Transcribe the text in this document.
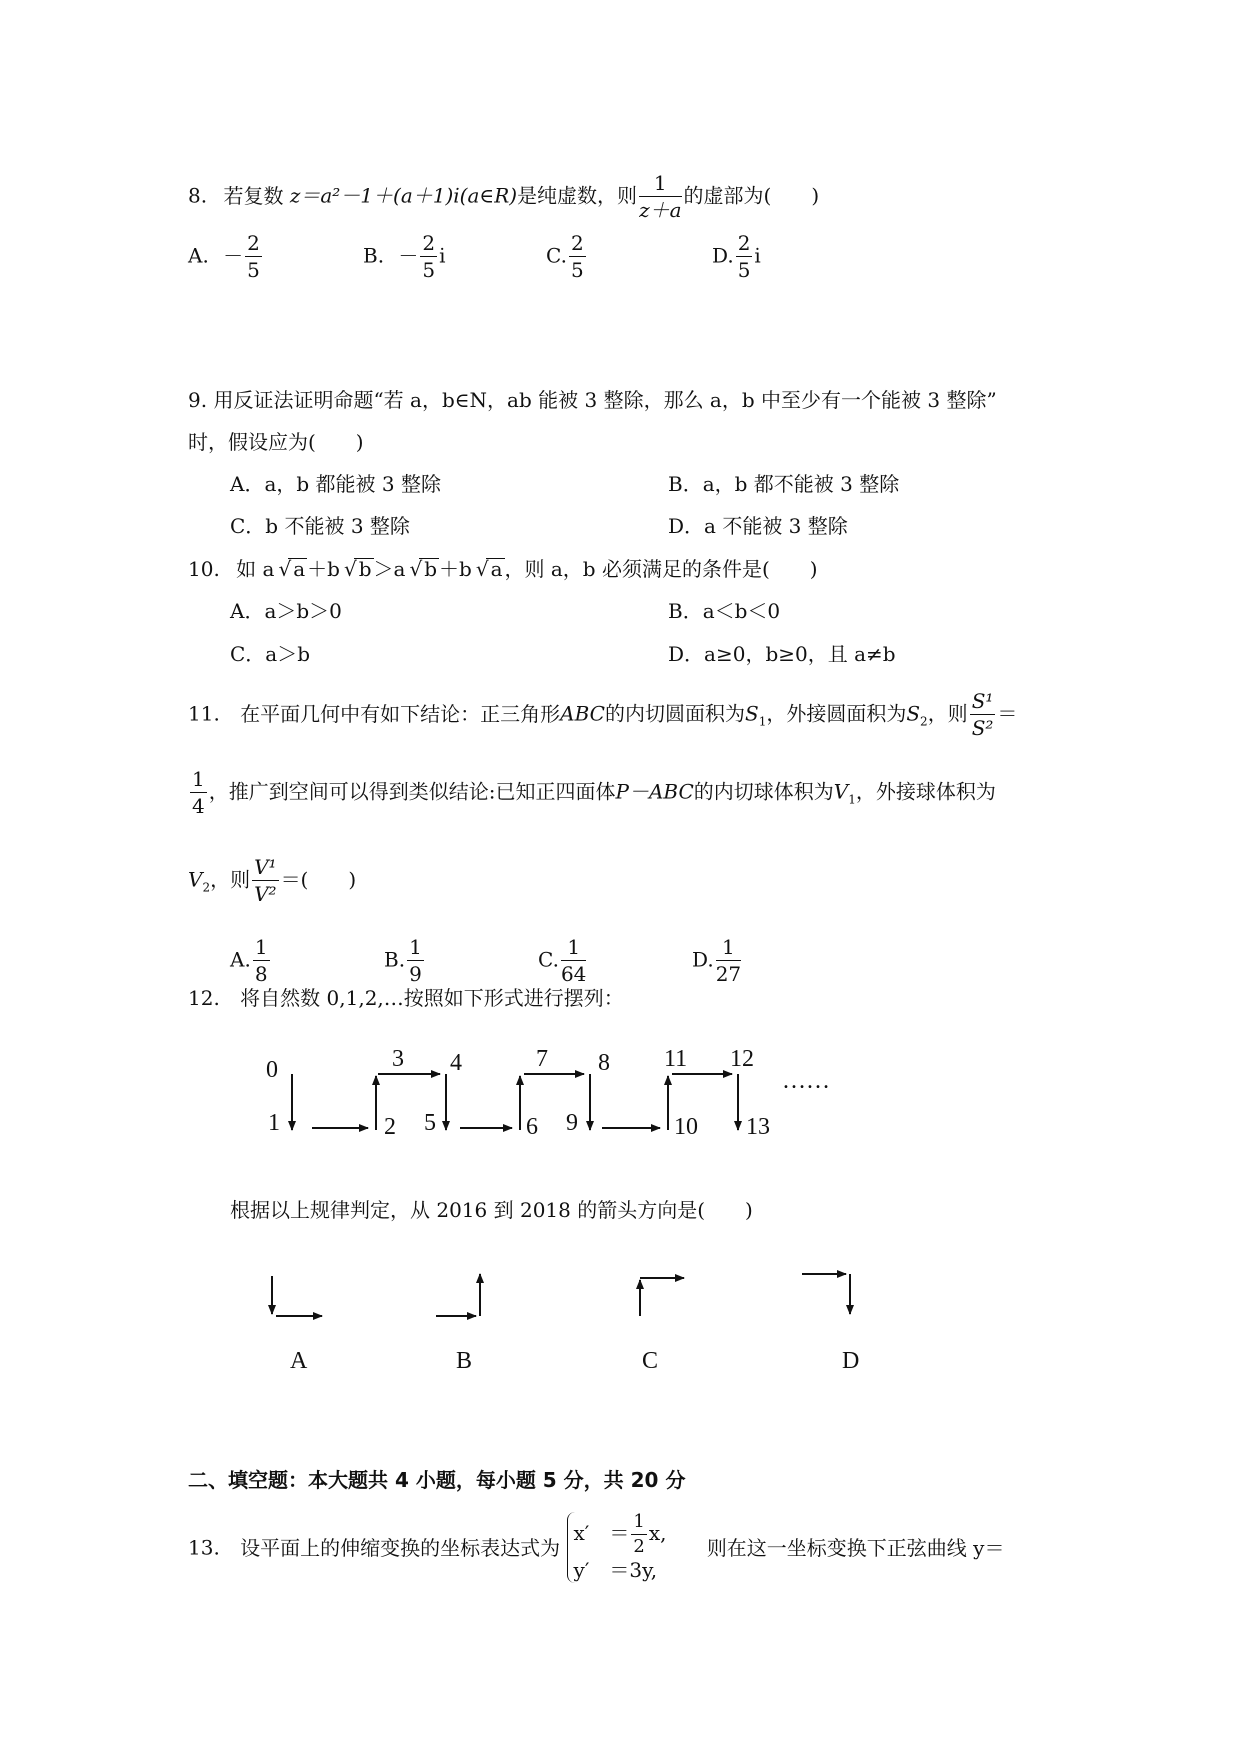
8. 若复数 z＝a²－1＋(a＋1)i(a∈R)是纯虚数，则 $\frac{1}{z+a}$ 的虚部为(　　)
A. － $\frac{2}{5}$	B. － $\frac{2}{5}$ i	C. $\frac{2}{5}$	D. $\frac{2}{5}$ i
9. 用反证法证明命题“若 a，b∈N，ab 能被 3 整除，那么 a，b 中至少有一个能被 3 整除”
时，假设应为(　　)
A．a，b 都能被 3 整除	B．a，b 都不能被 3 整除
C．b 不能被 3 整除	D．a 不能被 3 整除
10. 如 a √ a ＋b √ b ＞a √ b ＋b √ a ，则 a，b 必须满足的条件是(　　)
A．a＞b＞0	B．a＜b＜0
C．a＞b	D．a≥0，b≥0，且 a≠b
11. 在平面几何中有如下结论：正三角形ABC的内切圆面积为$S_1$，外接圆面积为$S_2$，则 $\frac{\text{S¹}}{\text{S²}}$ ＝
$\frac{1}{4}$ ，推广到空间可以得到类似结论:已知正四面体P－ABC的内切球体积为$V_1$，外接球体积为
$V_2$，则 $\frac{\text{V¹}}{\text{V²}}$ ＝(　　)
A. $\frac{1}{8}$	B. $\frac{1}{9}$	C. $\frac{1}{64}$	D. $\frac{1}{27}$
12. 将自然数 0,1,2,…按照如下形式进行摆列：
0
1	2
3 4
5	6
7 8
9	10
11 12
13
……
根据以上规律判定，从 2016 到 2018 的箭头方向是(　　)
A	B	C	D
二、填空题：本大题共 4 小题，每小题 5 分，共 20 分
13. 设平面上的伸缩变换的坐标表达式为
x′　＝ $\frac{1}{2} x$,
y′　＝3y,
则在这一坐标变换下正弦曲线 y＝
